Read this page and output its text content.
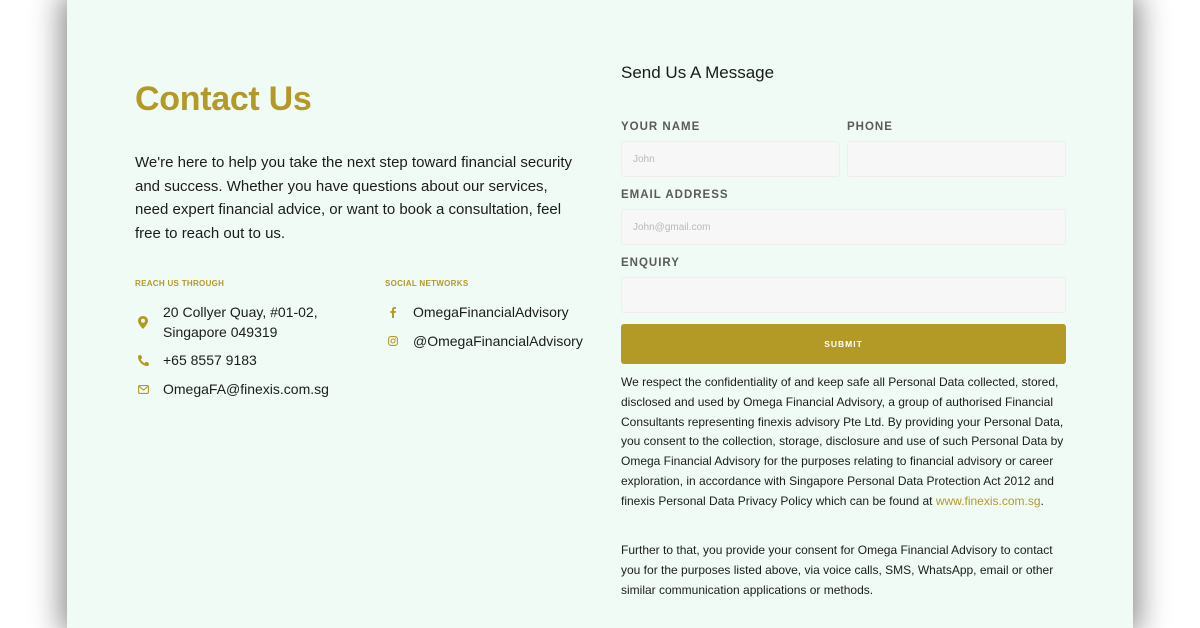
Contact Us

We're here to help you take the next step toward financial security and success. Whether you have questions about our services, need expert financial advice, or want to book a consultation, feel free to reach out to us.

REACH US THROUGH
20 Collyer Quay, #01-02,
Singapore 049319
+65 8557 9183
OmegaFA@finexis.com.sg
SOCIAL NETWORKS
OmegaFinancialAdvisory
@OmegaFinancialAdvisory
Send Us A Message
YOUR NAME	PHONE
John
EMAIL ADDRESS
John@gmail.com
ENQUIRY
SUBMIT

We respect the confidentiality of and keep safe all Personal Data collected, stored, disclosed and used by Omega Financial Advisory, a group of authorised Financial Consultants representing finexis advisory Pte Ltd. By providing your Personal Data, you consent to the collection, storage, disclosure and use of such Personal Data by Omega Financial Advisory for the purposes relating to financial advisory or career exploration, in accordance with Singapore Personal Data Protection Act 2012 and finexis Personal Data Privacy Policy which can be found at www.finexis.com.sg.

Further to that, you provide your consent for Omega Financial Advisory to contact you for the purposes listed above, via voice calls, SMS, WhatsApp, email or other similar communication applications or methods.
